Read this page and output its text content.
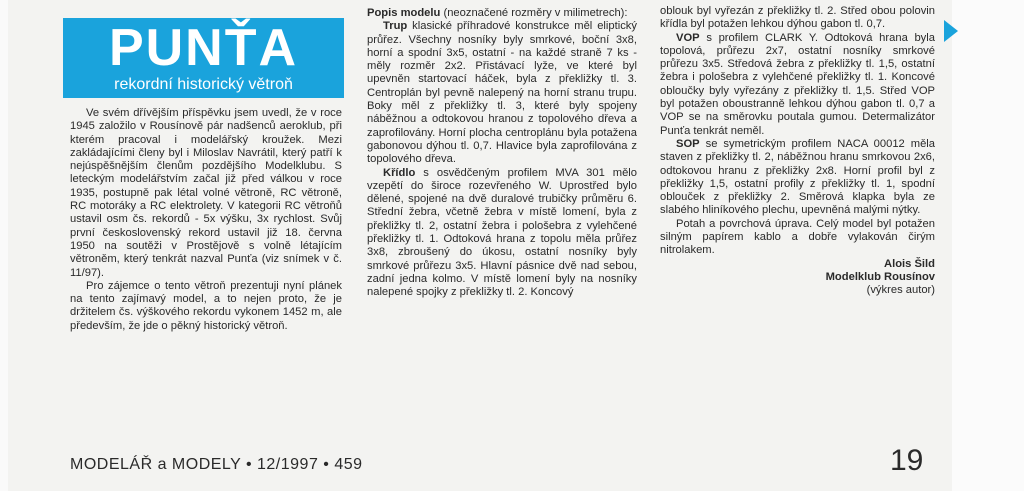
PUNŤA
rekordní historický větroň

Ve svém dřívějším příspěvku jsem uvedl, že v roce 1945 založilo v Rousínově pár nadšenců aeroklub, při kterém pracoval i modelářský kroužek. Mezi zakládajícími členy byl i Miloslav Navrátil, který patří k nejúspěšnějším členům pozdějšího Modelklubu. S leteckým modelářstvím začal již před válkou v roce 1935, postupně pak létal volné větroně, RC větroně, RC motoráky a RC elektrolety. V kategorii RC větroňů ustavil osm čs. rekordů - 5x výšku, 3x rychlost. Svůj první československý rekord ustavil již 18. června 1950 na soutěži v Prostějově s volně létajícím větroněm, který tenkrát nazval Punťa (viz snímek v č. 11/97).

Pro zájemce o tento větroň prezentuji nyní plánek na tento zajímavý model, a to nejen proto, že je držitelem čs. výškového rekordu vykonem 1452 m, ale především, že jde o pěkný historický větroň.

Popis modelu (neoznačené rozměry v milimetrech):

Trup klasické příhradové konstrukce měl eliptický průřez. Všechny nosníky byly smrkové, boční 3x8, horní a spodní 3x5, ostatní - na každé straně 7 ks - měly rozměr 2x2. Přistávací lyže, ve které byl upevněn startovací háček, byla z překližky tl. 3. Centroplán byl pevně nalepený na horní stranu trupu. Boky měl z překližky tl. 3, které byly spojeny náběžnou a odtokovou hranou z topolového dřeva a zaprofilovány. Horní plocha centroplánu byla potažena gabonovou dýhou tl. 0,7. Hlavice byla zaprofilována z topolového dřeva.

Křídlo s osvědčeným profilem MVA 301 mělo vzepětí do široce rozevřeného W. Uprostřed bylo dělené, spojené na dvě duralové trubičky průměru 6. Střední žebra, včetně žebra v místě lomení, byla z překližky tl. 2, ostatní žebra i pološebra z vylehčené překližky tl. 1. Odtoková hrana z topolu měla průřez 3x8, zbroušený do úkosu, ostatní nosníky byly smrkové průřezu 3x5. Hlavní pásnice dvě nad sebou, zadní jedna kolmo. V místě lomení byly na nosníky nalepené spojky z překližky tl. 2. Koncový

oblouk byl vyřezán z překližky tl. 2. Střed obou polovin křídla byl potažen lehkou dýhou gabon tl. 0,7.

VOP s profilem CLARK Y. Odtoková hrana byla topolová, průřezu 2x7, ostatní nosníky smrkové průřezu 3x5. Středová žebra z překližky tl. 1,5, ostatní žebra i pološebra z vylehčené překližky tl. 1. Koncové obloučky byly vyřezány z překližky tl. 1,5. Střed VOP byl potažen oboustranně lehkou dýhou gabon tl. 0,7 a VOP se na směrovku poutala gumou. Determalizátor Punťa tenkrát neměl.

SOP se symetrickým profilem NACA 00012 měla staven z překližky tl. 2, náběžnou hranu smrkovou 2x6, odtokovou hranu z překližky 2x8. Horní profil byl z překližky 1,5, ostatní profily z překližky tl. 1, spodní oblouček z překližky 2. Směrová klapka byla ze slabého hliníkového plechu, upevněná malými nýtky.

Potah a povrchová úprava. Celý model byl potažen silným papírem kablo a dobře vylakován čirým nitrolakem.

Alois Šild

Modelklub Rousínov

(výkres autor)

MODELÁŘ a MODELY • 12/1997 • 459	19
